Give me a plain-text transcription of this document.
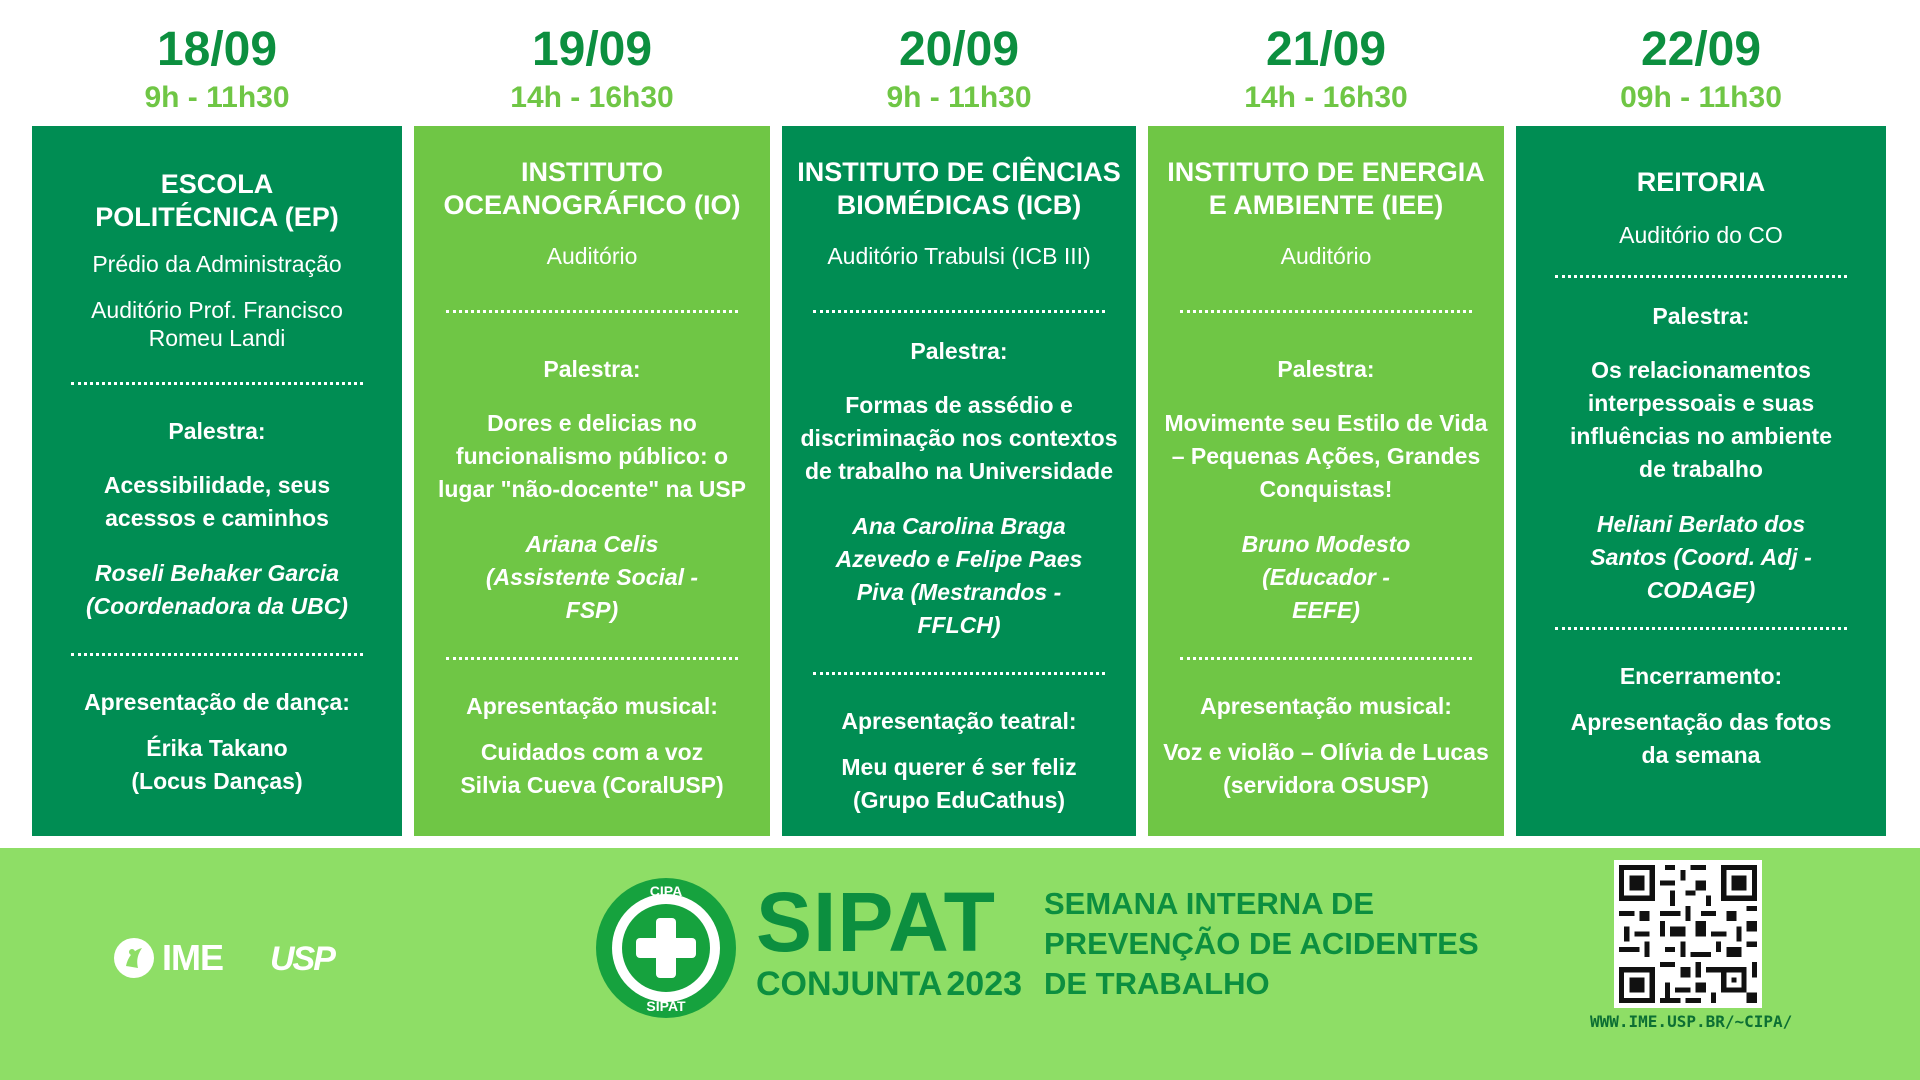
18/09
9h - 11h30
ESCOLA POLITÉCNICA (EP)
Prédio da Administração
Auditório Prof. Francisco Romeu Landi
Palestra:
Acessibilidade, seus acessos e caminhos
Roseli Behaker Garcia (Coordenadora da UBC)
Apresentação de dança:
Érika Takano (Locus Danças)
19/09
14h - 16h30
INSTITUTO OCEANOGRÁFICO (IO)
Auditório
Palestra:
Dores e delicias no funcionalismo público: o lugar "não-docente" na USP
Ariana Celis (Assistente Social - FSP)
Apresentação musical:
Cuidados com a voz Silvia Cueva (CoralUSP)
20/09
9h - 11h30
INSTITUTO DE CIÊNCIAS BIOMÉDICAS (ICB)
Auditório Trabulsi (ICB III)
Palestra:
Formas de assédio e discriminação nos contextos de trabalho na Universidade
Ana Carolina Braga Azevedo e Felipe Paes Piva (Mestrandos - FFLCH)
Apresentação teatral:
Meu querer é ser feliz (Grupo EduCathus)
21/09
14h - 16h30
INSTITUTO DE ENERGIA E AMBIENTE (IEE)
Auditório
Palestra:
Movimente seu Estilo de Vida – Pequenas Ações, Grandes Conquistas!
Bruno Modesto (Educador - EEFE)
Apresentação musical:
Voz e violão – Olívia de Lucas (servidora OSUSP)
22/09
09h - 11h30
REITORIA
Auditório do CO
Palestra:
Os relacionamentos interpessoais e suas influências no ambiente de trabalho
Heliani Berlato dos Santos (Coord. Adj - CODAGE)
Encerramento:
Apresentação das fotos da semana
IME USP
CIPA
SIPAT
SIPAT
CONJUNTA 2023
SEMANA INTERNA DE
PREVENÇÃO DE ACIDENTES
DE TRABALHO
WWW.IME.USP.BR/~CIPA/
